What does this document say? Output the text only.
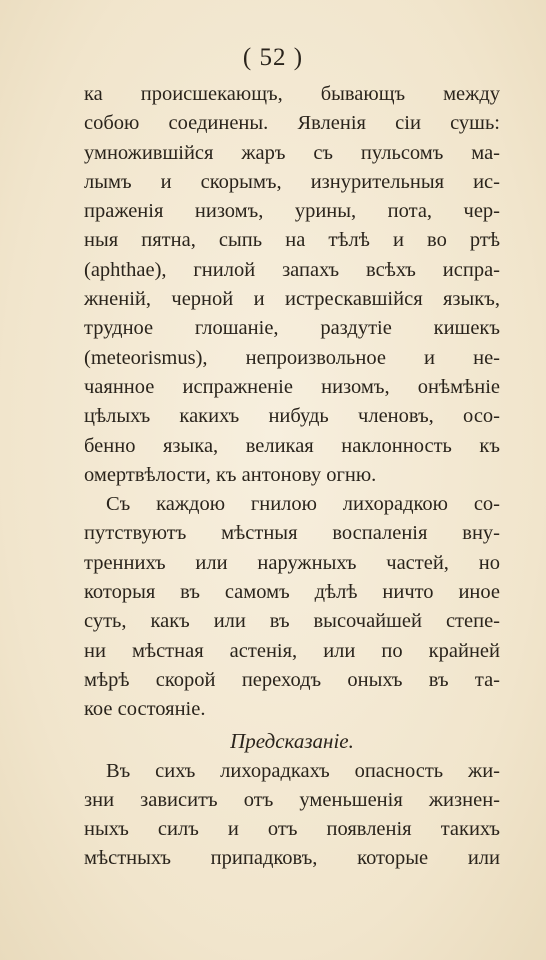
( 52 )
ка происшекающъ, бывающъ между
собою соединены. Явленія сіи сушь:
умножившійся жаръ съ пульсомъ ма-
лымъ и скорымъ, изнурительныя ис-
праженія низомъ, урины, пота, чер-
ныя пятна, сыпь на тѣлѣ и во ртѣ
(aphthae), гнилой запахъ всѣхъ испра-
жненій, черной и истрескавшійся языкъ,
трудное глошаніе, раздутіе кишекъ
(meteorismus), непроизвольное и не-
чаянное испражненіе низомъ, онѣмѣніе
цѣлыхъ какихъ нибудь членовъ, осо-
бенно языка, великая наклонность къ
омертвѣлости, къ антонову огню.
Съ каждою гнилою лихорадкою со-
путствуютъ мѣстныя воспаленія вну-
треннихъ или наружныхъ частей, но
которыя въ самомъ дѣлѣ ничто иное
суть, какъ или въ высочайшей степе-
ни мѣстная астенія, или по крайней
мѣрѣ скорой переходъ оныхъ въ та-
кое состояніе.
Предсказаніе.
Въ сихъ лихорадкахъ опасность жи-
зни зависитъ отъ уменьшенія жизнен-
ныхъ силъ и отъ появленія такихъ
мѣстныхъ припадковъ, которые или
